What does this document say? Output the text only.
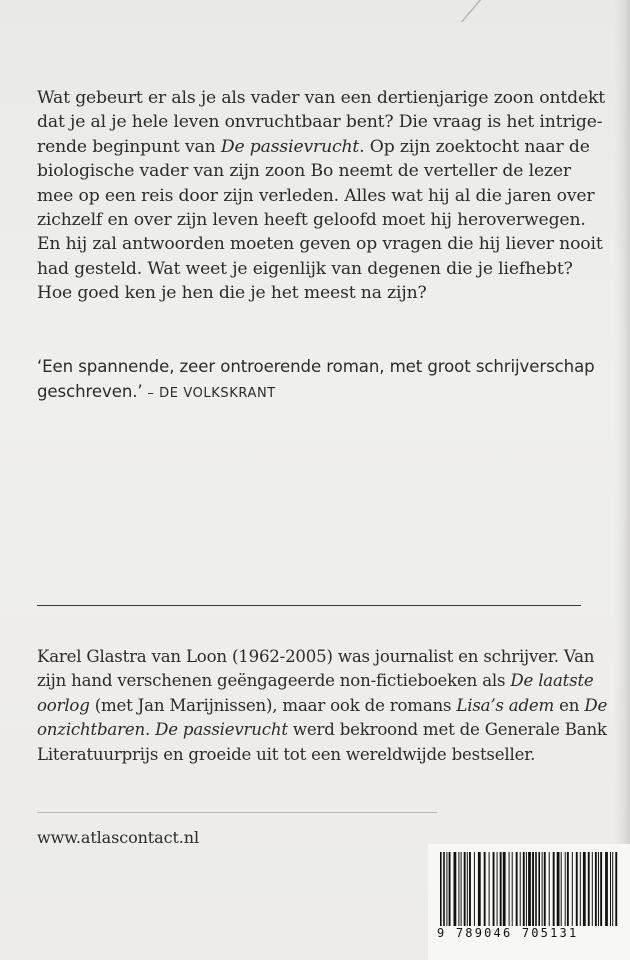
Wat gebeurt er als je als vader van een dertienjarige zoon ontdekt dat je al je hele leven onvruchtbaar bent? Die vraag is het intrige-rende beginpunt van De passievrucht. Op zijn zoektocht naar de biologische vader van zijn zoon Bo neemt de verteller de lezer mee op een reis door zijn verleden. Alles wat hij al die jaren over zichzelf en over zijn leven heeft geloofd moet hij heroverwegen. En hij zal antwoorden moeten geven op vragen die hij liever nooit had gesteld. Wat weet je eigenlijk van degenen die je liefhebt? Hoe goed ken je hen die je het meest na zijn?

‘Een spannende, zeer ontroerende roman, met groot schrijverschap geschreven.’ – DE VOLKSKRANT

Karel Glastra van Loon (1962-2005) was journalist en schrijver. Van zijn hand verschenen geëngageerde non-fictieboeken als De laatste oorlog (met Jan Marijnissen), maar ook de romans Lisa’s adem en De onzichtbaren. De passievrucht werd bekroond met de Generale Bank Literatuurprijs en groeide uit tot een wereldwijde bestseller.

www.atlascontact.nl
9 789046 705131
